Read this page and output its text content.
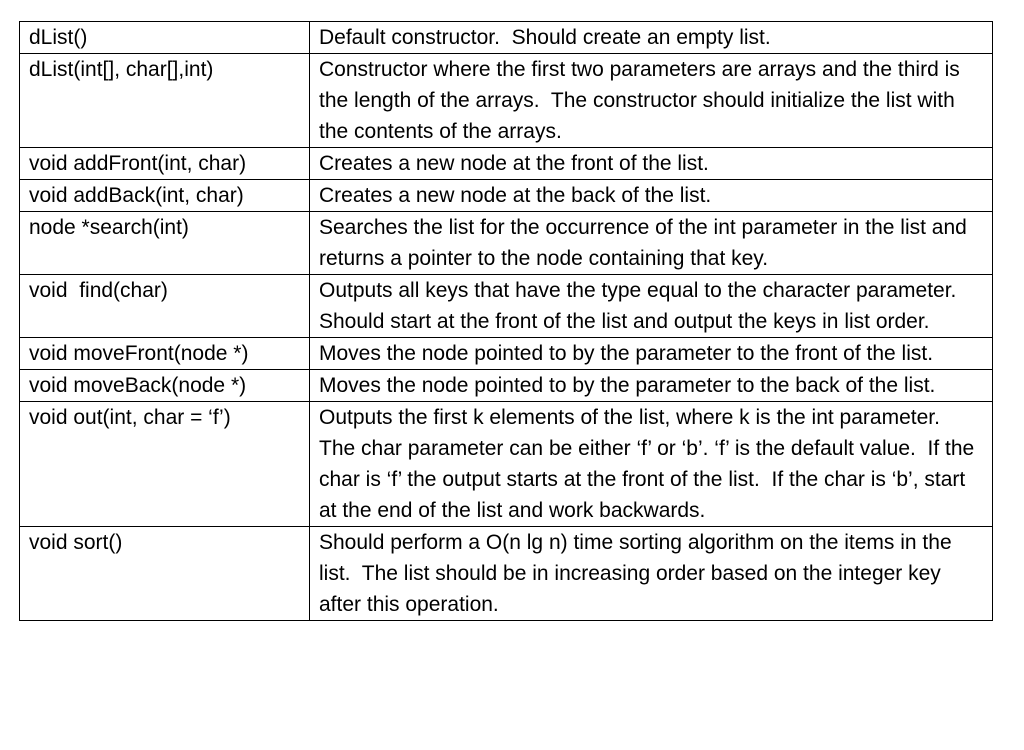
dList()	Default constructor.  Should create an empty list.
dList(int[], char[],int)	Constructor where the first two parameters are arrays and the third is the length of the arrays.  The constructor should initialize the list with the contents of the arrays.
void addFront(int, char)	Creates a new node at the front of the list.
void addBack(int, char)	Creates a new node at the back of the list.
node *search(int)	Searches the list for the occurrence of the int parameter in the list and returns a pointer to the node containing that key.
void  find(char)	Outputs all keys that have the type equal to the character parameter.  Should start at the front of the list and output the keys in list order.
void moveFront(node *)	Moves the node pointed to by the parameter to the front of the list.
void moveBack(node *)	Moves the node pointed to by the parameter to the back of the list.
void out(int, char = ‘f’)	Outputs the first k elements of the list, where k is the int parameter.  The char parameter can be either ‘f’ or ‘b’. ‘f’ is the default value.  If the char is ‘f’ the output starts at the front of the list.  If the char is ‘b’, start at the end of the list and work backwards.
void sort()	Should perform a O(n lg n) time sorting algorithm on the items in the list.  The list should be in increasing order based on the integer key after this operation.
